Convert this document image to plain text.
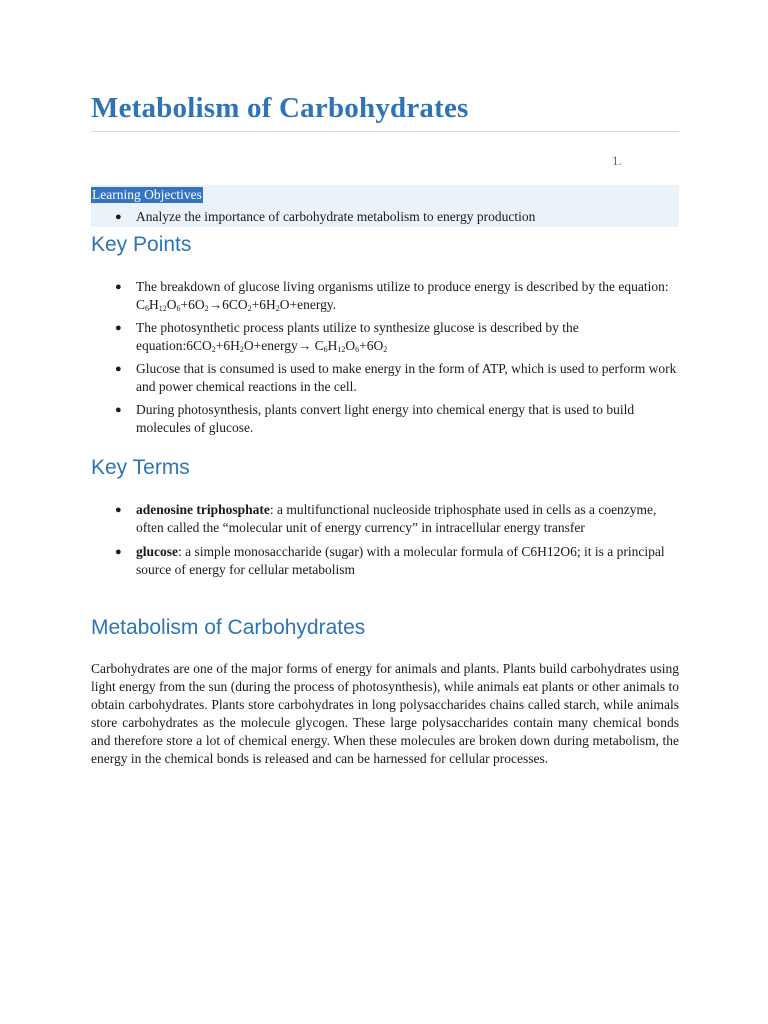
Metabolism of Carbohydrates
1.
Learning Objectives
● Analyze the importance of carbohydrate metabolism to energy production
Key Points
● The breakdown of glucose living organisms utilize to produce energy is described by the equation: $C_6H_{12}O_6+6O_2\to 6CO_2+6H_2O+energy$.
● The photosynthetic process plants utilize to synthesize glucose is described by the $equation:6CO_2+6H_2O+energy\to C_6H_{12}O_6+6O_2$
● Glucose that is consumed is used to make energy in the form of ATP, which is used to perform work and power chemical reactions in the cell.
● During photosynthesis, plants convert light energy into chemical energy that is used to build molecules of glucose.
Key Terms
● adenosine triphosphate: a multifunctional nucleoside triphosphate used in cells as a coenzyme, often called the “molecular unit of energy currency” in intracellular energy transfer
● glucose: a simple monosaccharide (sugar) with a molecular formula of C6H12O6; it is a principal source of energy for cellular metabolism
Metabolism of Carbohydrates

Carbohydrates are one of the major forms of energy for animals and plants. Plants build carbohydrates using light energy from the sun (during the process of photosynthesis), while animals eat plants or other animals to obtain carbohydrates. Plants store carbohydrates in long polysaccharides chains called starch, while animals store carbohydrates as the molecule glycogen. These large polysaccharides contain many chemical bonds and therefore store a lot of chemical energy. When these molecules are broken down during metabolism, the energy in the chemical bonds is released and can be harnessed for cellular processes.
